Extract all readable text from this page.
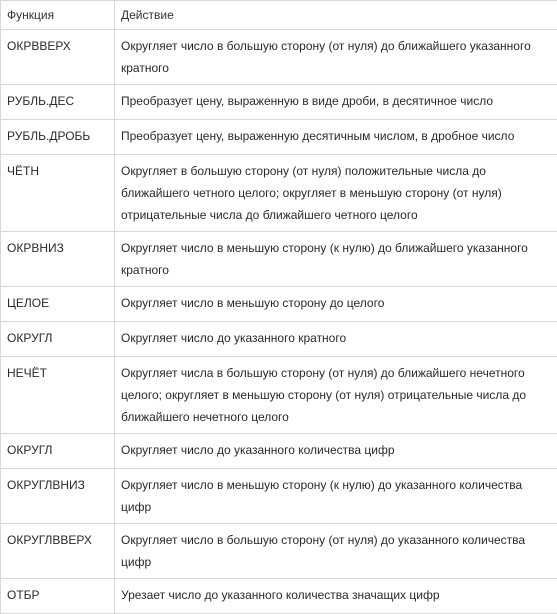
Функция	Действие
ОКРВВЕРХ	Округляет число в большую сторону (от нуля) до ближайшего указанного кратного
РУБЛЬ.ДЕС	Преобразует цену, выраженную в виде дроби, в десятичное число
РУБЛЬ.ДРОБЬ	Преобразует цену, выраженную десятичным числом, в дробное число
ЧЁТН	Округляет в большую сторону (от нуля) положительные числа до ближайшего четного целого; округляет в меньшую сторону (от нуля) отрицательные числа до ближайшего четного целого
ОКРВНИЗ	Округляет число в меньшую сторону (к нулю) до ближайшего указанного кратного
ЦЕЛОЕ	Округляет число в меньшую сторону до целого
ОКРУГЛ	Округляет число до указанного кратного
НЕЧЁТ	Округляет числа в большую сторону (от нуля) до ближайшего нечетного целого; округляет в меньшую сторону (от нуля) отрицательные числа до ближайшего нечетного целого
ОКРУГЛ	Округляет число до указанного количества цифр
ОКРУГЛВНИЗ	Округляет число в меньшую сторону (к нулю) до указанного количества цифр
ОКРУГЛВВЕРХ	Округляет число в большую сторону (от нуля) до указанного количества цифр
ОТБР	Урезает число до указанного количества значащих цифр
